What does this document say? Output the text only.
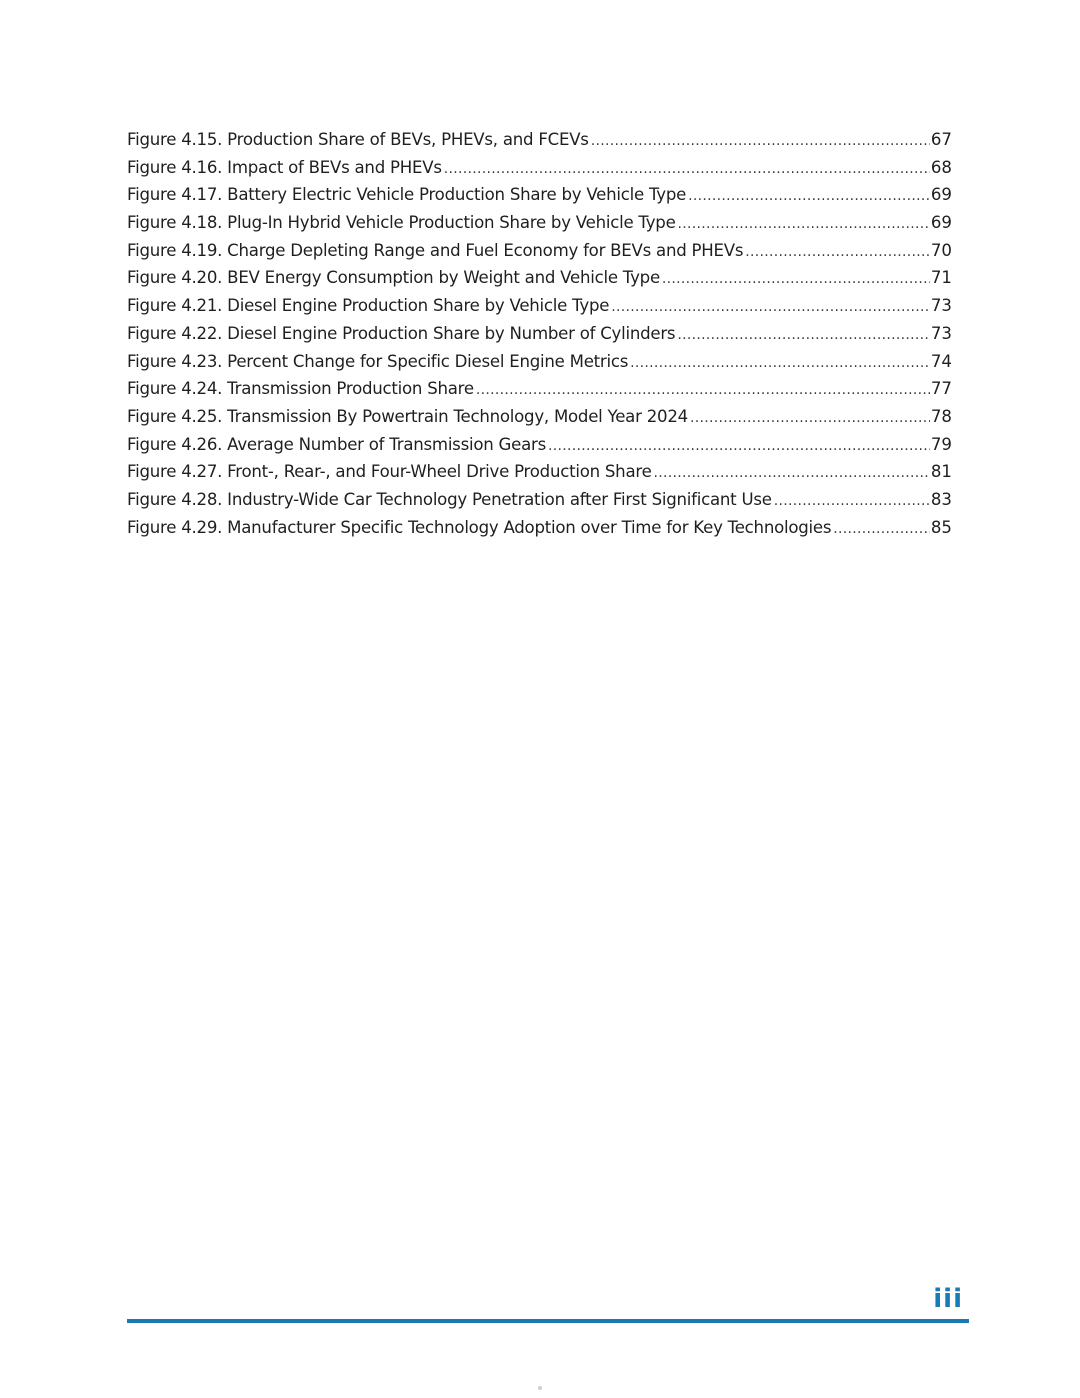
Figure 4.15. Production Share of BEVs, PHEVs, and FCEVs .....	67
Figure 4.16. Impact of BEVs and PHEVs .....	68
Figure 4.17. Battery Electric Vehicle Production Share by Vehicle Type .....	69
Figure 4.18. Plug-In Hybrid Vehicle Production Share by Vehicle Type .....	69
Figure 4.19. Charge Depleting Range and Fuel Economy for BEVs and PHEVs .....	70
Figure 4.20. BEV Energy Consumption by Weight and Vehicle Type .....	71
Figure 4.21. Diesel Engine Production Share by Vehicle Type .....	73
Figure 4.22. Diesel Engine Production Share by Number of Cylinders .....	73
Figure 4.23. Percent Change for Specific Diesel Engine Metrics .....	74
Figure 4.24. Transmission Production Share .....	77
Figure 4.25. Transmission By Powertrain Technology, Model Year 2024 .....	78
Figure 4.26. Average Number of Transmission Gears .....	79
Figure 4.27. Front-, Rear-, and Four-Wheel Drive Production Share .....	81
Figure 4.28. Industry-Wide Car Technology Penetration after First Significant Use .....	83
Figure 4.29. Manufacturer Specific Technology Adoption over Time for Key Technologies .....	85
iii
